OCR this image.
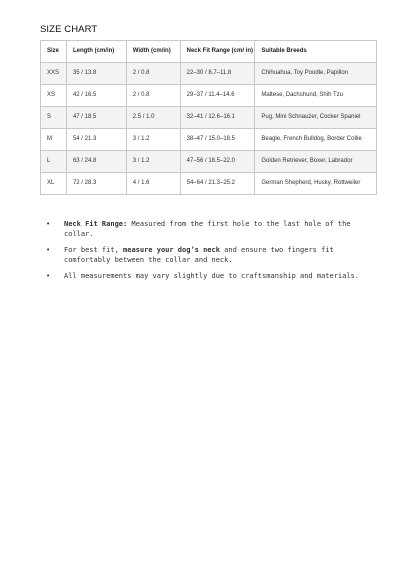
SIZE CHART
Size	Length (cm/in)	Width (cm/in)	Neck Fit Range (cm/ in)	Suitable Breeds
XXS	35 / 13.8	2 / 0.8	22–30 / 8.7–11.8	Chihuahua, Toy Poodle, Papillon
XS	42 / 16.5	2 / 0.8	29–37 / 11.4–14.6	Maltese, Dachshund, Shih Tzu
S	47 / 18.5	2.5 / 1.0	32–41 / 12.6–16.1	Pug, Mini Schnauzer, Cocker Spaniel
M	54 / 21.3	3 / 1.2	38–47 / 15.0–18.5	Beagle, French Bulldog, Border Collie
L	63 / 24.8	3 / 1.2	47–56 / 18.5–22.0	Golden Retriever, Boxer, Labrador
XL	72 / 28.3	4 / 1.6	54–64 / 21.3–25.2	German Shepherd, Husky, Rottweiler
• Neck Fit Range: Measured from the first hole to the last hole of the collar.
• For best fit, measure your dog’s neck and ensure two fingers fit comfortably between the collar and neck.
• All measurements may vary slightly due to craftsmanship and materials.
